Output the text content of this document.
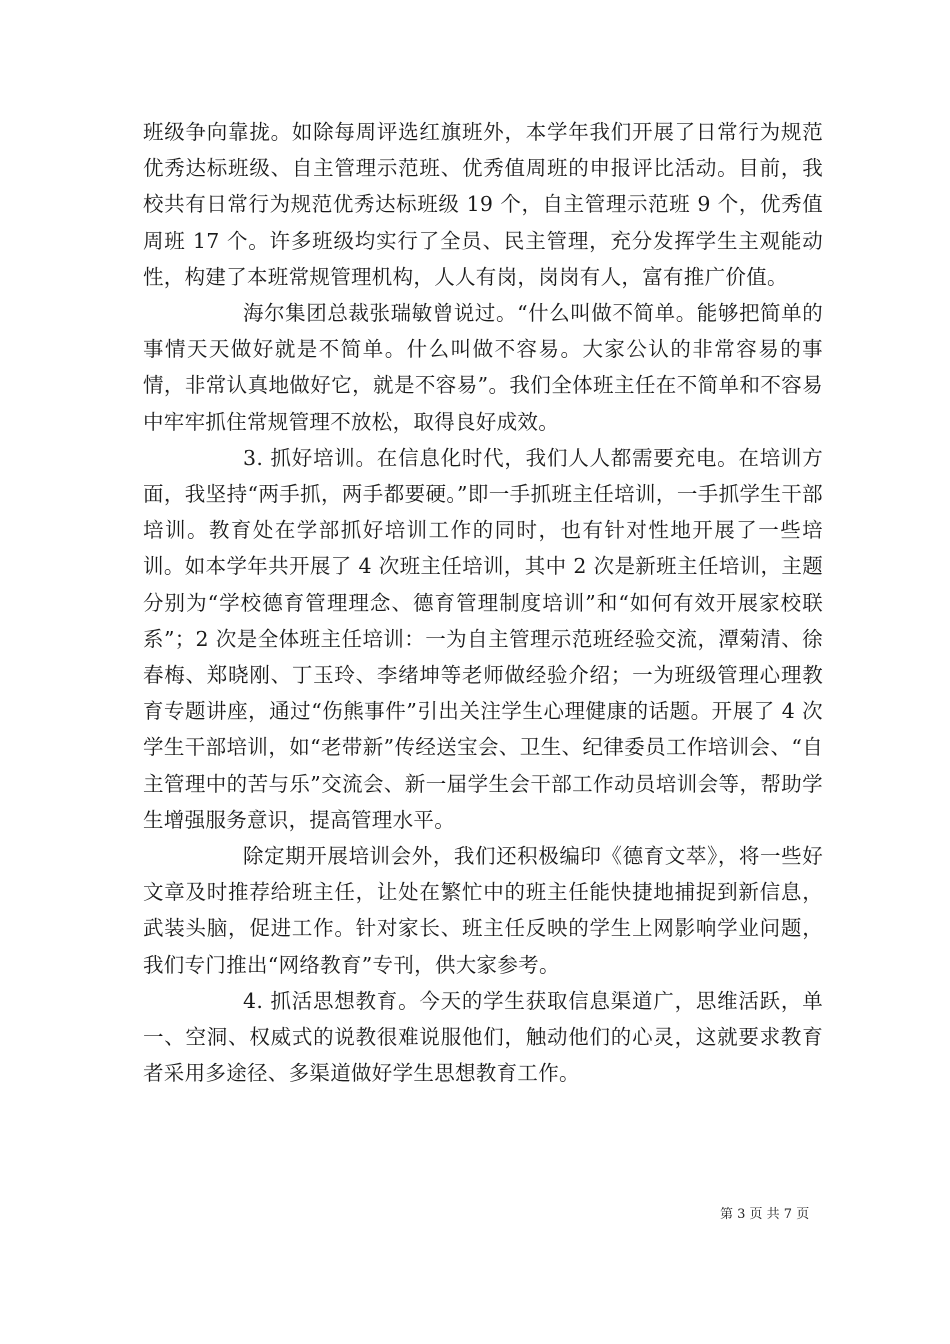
班级争向靠拢。如除每周评选红旗班外，本学年我们开展了日常行为规范优秀达标班级、自主管理示范班、优秀值周班的申报评比活动。目前，我校共有日常行为规范优秀达标班级 19 个，自主管理示范班 9 个，优秀值周班 17 个。许多班级均实行了全员、民主管理，充分发挥学生主观能动性，构建了本班常规管理机构，人人有岗，岗岗有人，富有推广价值。

海尔集团总裁张瑞敏曾说过。“什么叫做不简单。能够把简单的事情天天做好就是不简单。什么叫做不容易。大家公认的非常容易的事情，非常认真地做好它，就是不容易”。我们全体班主任在不简单和不容易中牢牢抓住常规管理不放松，取得良好成效。

3. 抓好培训。在信息化时代，我们人人都需要充电。在培训方面，我坚持“两手抓，两手都要硬。”即一手抓班主任培训，一手抓学生干部培训。教育处在学部抓好培训工作的同时，也有针对性地开展了一些培训。如本学年共开展了 4 次班主任培训，其中 2 次是新班主任培训，主题分别为“学校德育管理理念、德育管理制度培训”和“如何有效开展家校联系”；2 次是全体班主任培训：一为自主管理示范班经验交流，潭菊清、徐春梅、郑晓刚、丁玉玲、李绪坤等老师做经验介绍；一为班级管理心理教育专题讲座，通过“伤熊事件”引出关注学生心理健康的话题。开展了 4 次学生干部培训，如“老带新”传经送宝会、卫生、纪律委员工作培训会、“自主管理中的苦与乐”交流会、新一届学生会干部工作动员培训会等，帮助学生增强服务意识，提高管理水平。

除定期开展培训会外，我们还积极编印《德育文萃》，将一些好文章及时推荐给班主任，让处在繁忙中的班主任能快捷地捕捉到新信息，武装头脑，促进工作。针对家长、班主任反映的学生上网影响学业问题，我们专门推出“网络教育”专刊，供大家参考。

4. 抓活思想教育。今天的学生获取信息渠道广，思维活跃，单一、空洞、权威式的说教很难说服他们，触动他们的心灵，这就要求教育者采用多途径、多渠道做好学生思想教育工作。

第 3 页 共 7 页
